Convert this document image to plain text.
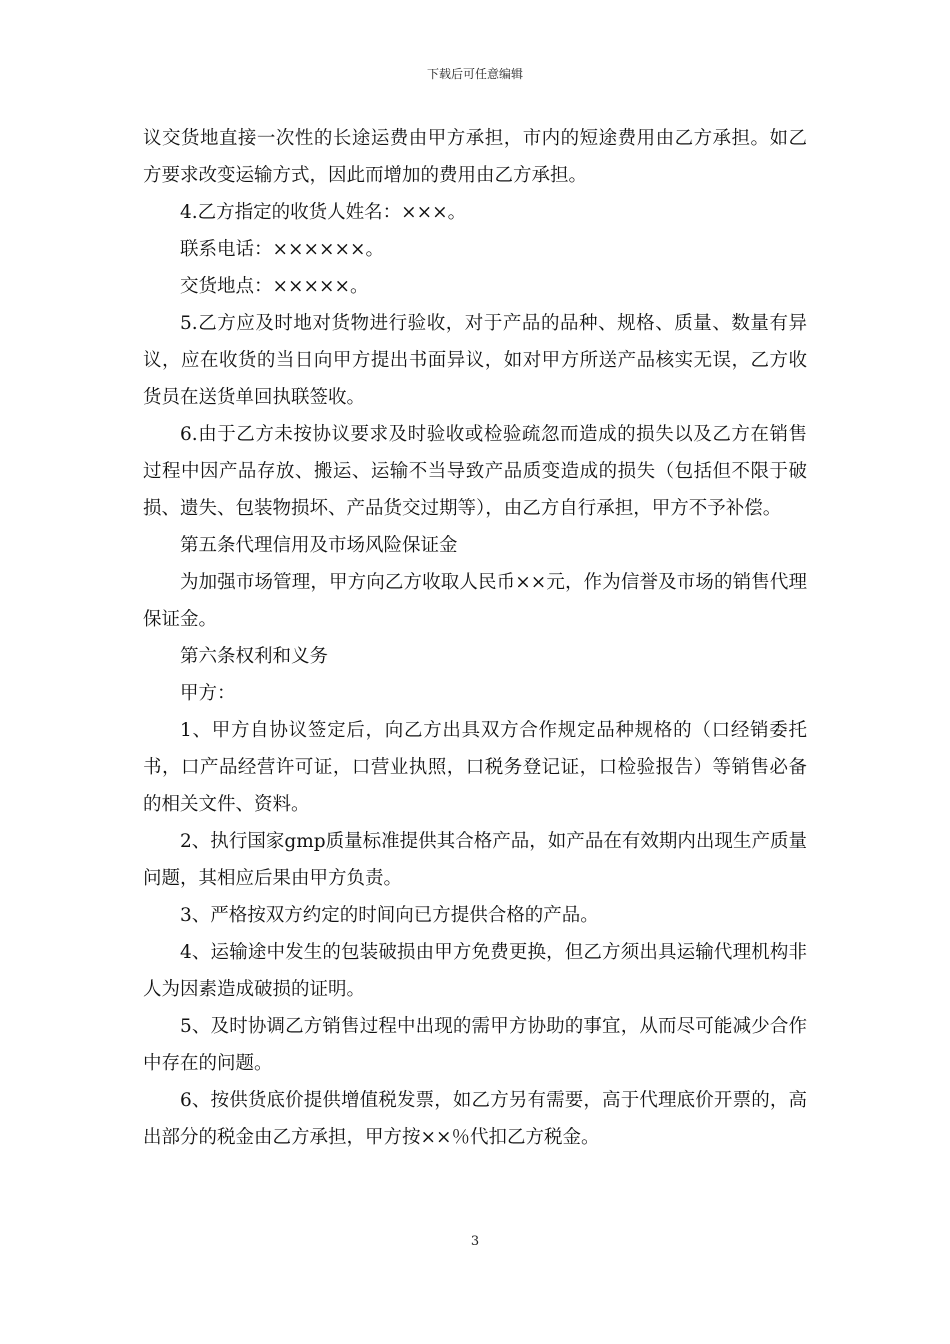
下载后可任意编辑

议交货地直接一次性的长途运费由甲方承担，市内的短途费用由乙方承担。如乙方要求改变运输方式，因此而增加的费用由乙方承担。

4.乙方指定的收货人姓名：×××。

联系电话：××××××。

交货地点：×××××。

5.乙方应及时地对货物进行验收，对于产品的品种、规格、质量、数量有异议，应在收货的当日向甲方提出书面异议，如对甲方所送产品核实无误，乙方收货员在送货单回执联签收。

6.由于乙方未按协议要求及时验收或检验疏忽而造成的损失以及乙方在销售过程中因产品存放、搬运、运输不当导致产品质变造成的损失（包括但不限于破损、遗失、包装物损坏、产品货交过期等），由乙方自行承担，甲方不予补偿。

第五条代理信用及市场风险保证金

为加强市场管理，甲方向乙方收取人民币××元，作为信誉及市场的销售代理保证金。

第六条权利和义务

甲方：

1、甲方自协议签定后，向乙方出具双方合作规定品种规格的（口经销委托书，口产品经营许可证，口营业执照，口税务登记证，口检验报告）等销售必备的相关文件、资料。

2、执行国家gmp质量标准提供其合格产品，如产品在有效期内出现生产质量问题，其相应后果由甲方负责。

3、严格按双方约定的时间向已方提供合格的产品。

4、运输途中发生的包装破损由甲方免费更换，但乙方须出具运输代理机构非人为因素造成破损的证明。

5、及时协调乙方销售过程中出现的需甲方协助的事宜，从而尽可能减少合作中存在的问题。

6、按供货底价提供增值税发票，如乙方另有需要，高于代理底价开票的，高出部分的税金由乙方承担，甲方按××％代扣乙方税金。

3
